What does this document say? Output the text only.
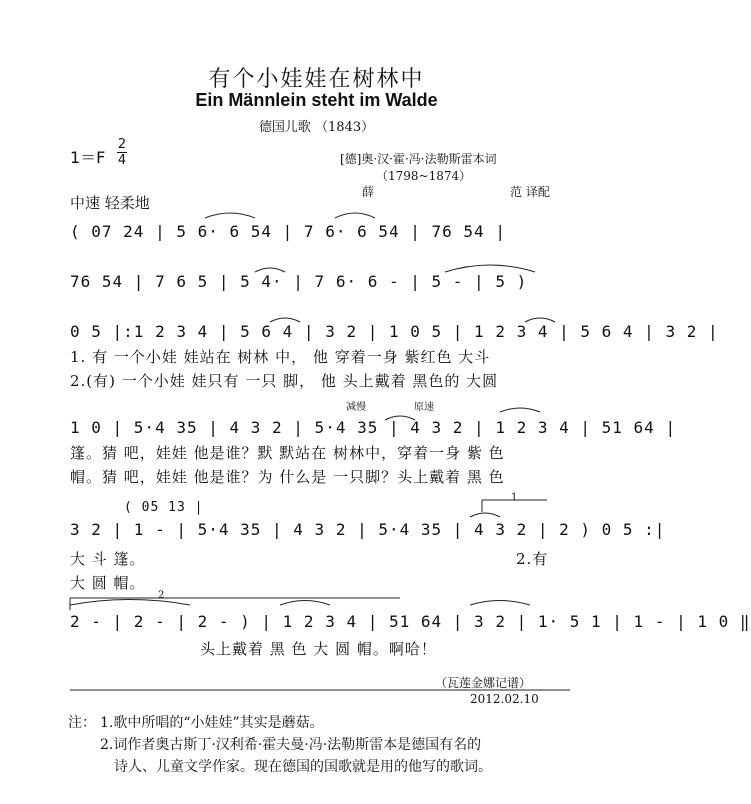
有个小娃娃在树林中
Ein Männlein steht im Walde
德国儿歌 （1843）
1＝F
2
4	[德]奥·汉·霍·冯·法勒斯雷本词
（1798~1874）
薛	范 译配
中速 轻柔地
( 07 24 | 5 6· 6 54 | 7 6· 6 54 | 76 54 |
76 54 | 7 6 5 | 5 4· | 7 6· 6 - | 5 - | 5 )
0 5 |:1 2 3 4 | 5 6 4 | 3 2 | 1 0 5 | 1 2 3 4 | 5 6 4 | 3 2 |
1. 有 一个小娃 娃站在 树林 中， 他 穿着一身 紫红色 大斗
2.(有) 一个小娃 娃只有 一只 脚， 他 头上戴着 黑色的 大圆
减慢	原速
1 0 | 5·4 35 | 4 3 2 | 5·4 35 | 4 3 2 | 1 2 3 4 | 51 64 |
篷。猜 吧，娃娃 他是谁？默 默站在 树林中，穿着一身 紫 色
帽。猜 吧，娃娃 他是谁？为 什么是 一只脚？头上戴着 黑 色
( 05 13 |
1
3 2 | 1 - | 5·4 35 | 4 3 2 | 5·4 35 | 4 3 2 | 2 ) 0 5 :|
大 斗 篷。
大 圆 帽。
2.有
2
2 - | 2 - | 2 - ) | 1 2 3 4 | 51 64 | 3 2 | 1· 5 1 | 1 - | 1 0 ‖
头上戴着 黑 色 大 圆 帽。啊哈！
（瓦莲金娜记谱）
2012.02.10
注： 1.歌中所唱的“小娃娃”其实是蘑菇。
2.词作者奥古斯丁·汉利希·霍夫曼·冯·法勒斯雷本是德国有名的
诗人、儿童文学作家。现在德国的国歌就是用的他写的歌词。
